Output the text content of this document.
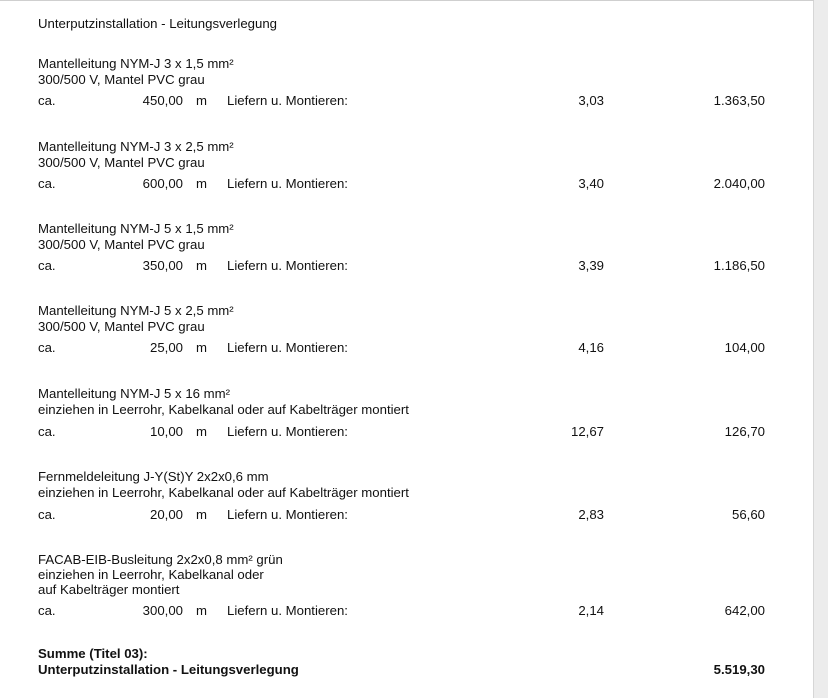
Unterputzinstallation - Leitungsverlegung
Mantelleitung NYM-J 3 x 1,5 mm²
300/500 V, Mantel PVC grau
ca.	450,00 m Liefern u. Montieren:	3,03	1.363,50
Mantelleitung NYM-J 3 x 2,5 mm²
300/500 V, Mantel PVC grau
ca.	600,00 m Liefern u. Montieren:	3,40	2.040,00
Mantelleitung NYM-J 5 x 1,5 mm²
300/500 V, Mantel PVC grau
ca.	350,00 m Liefern u. Montieren:	3,39	1.186,50
Mantelleitung NYM-J 5 x 2,5 mm²
300/500 V, Mantel PVC grau
ca.	25,00 m Liefern u. Montieren:	4,16	104,00
Mantelleitung NYM-J 5 x 16 mm²
einziehen in Leerrohr, Kabelkanal oder auf Kabelträger montiert
ca.	10,00 m Liefern u. Montieren:	12,67	126,70
Fernmeldeleitung J-Y(St)Y 2x2x0,6 mm
einziehen in Leerrohr, Kabelkanal oder auf Kabelträger montiert
ca.	20,00 m Liefern u. Montieren:	2,83	56,60
FACAB-EIB-Busleitung 2x2x0,8 mm² grün
einziehen in Leerrohr, Kabelkanal oder
auf Kabelträger montiert
ca.	300,00 m Liefern u. Montieren:	2,14	642,00
Summe (Titel 03):
Unterputzinstallation - Leitungsverlegung	5.519,30
